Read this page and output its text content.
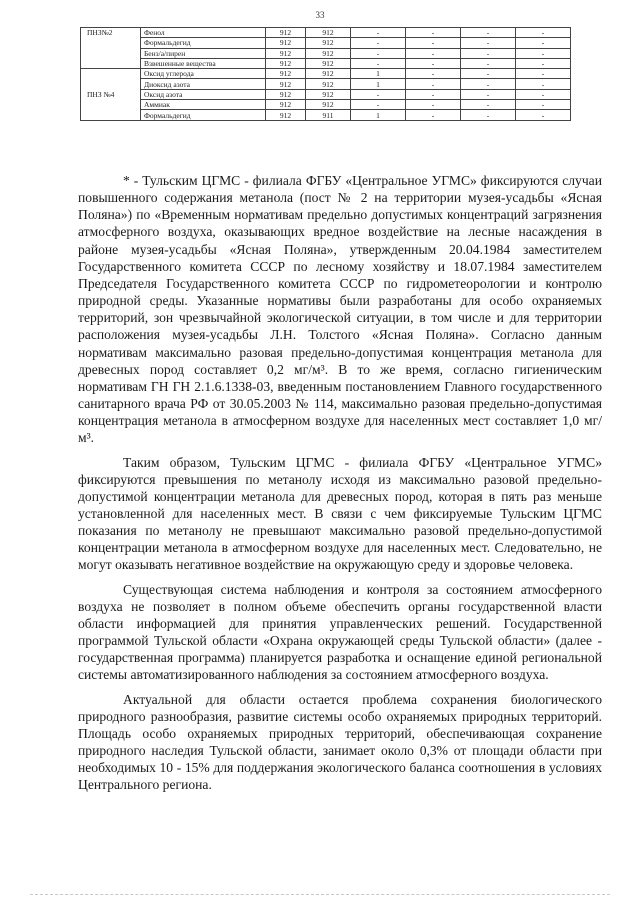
33
ПНЗ№2	Фенол	912	912	-	-	-	-
	Формальдегид	912	912	-	-	-	-
	Бенз/а/пирен	912	912	-	-	-	-
	Взвешенные вещества	912	912	-	-	-	-
ПНЗ №4	Оксид углерода	912	912	1	-	-	-
	Диоксид азота	912	912	1	-	-	-
	Оксид азота	912	912	-	-	-	-
	Аммиак	912	912	-	-	-	-
	Формальдегид	912	911	1	-	-	-

* - Тульским ЦГМС - филиала ФГБУ «Центральное УГМС» фиксируются случаи повышенного содержания метанола (пост № 2 на территории музея-усадьбы «Ясная Поляна») по «Временным нормативам предельно допустимых концентраций загрязнения атмосферного воздуха, оказывающих вредное воздействие на лесные насаждения в районе музея-усадьбы «Ясная Поляна», утвержденным 20.04.1984 заместителем Государственного комитета СССР по лесному хозяйству и 18.07.1984 заместителем Председателя Государственного комитета СССР по гидрометеорологии и контролю природной среды. Указанные нормативы были разработаны для особо охраняемых территорий, зон чрезвычайной экологической ситуации, в том числе и для территории расположения музея-усадьбы Л.Н. Толстого «Ясная Поляна». Согласно данным нормативам максимально разовая предельно-допустимая концентрация метанола для древесных пород составляет 0,2 мг/м³. В то же время, согласно гигиеническим нормативам ГН ГН 2.1.6.1338-03, введенным постановлением Главного государственного санитарного врача РФ от 30.05.2003 № 114, максимально разовая предельно-допустимая концентрация метанола в атмосферном воздухе для населенных мест составляет 1,0 мг/м³.

Таким образом, Тульским ЦГМС - филиала ФГБУ «Центральное УГМС» фиксируются превышения по метанолу исходя из максимально разовой предельно-допустимой концентрации метанола для древесных пород, которая в пять раз меньше установленной для населенных мест. В связи с чем фиксируемые Тульским ЦГМС показания по метанолу не превышают максимально разовой предельно-допустимой концентрации метанола в атмосферном воздухе для населенных мест. Следовательно, не могут оказывать негативное воздействие на окружающую среду и здоровье человека.

Существующая система наблюдения и контроля за состоянием атмосферного воздуха не позволяет в полном объеме обеспечить органы государственной власти области информацией для принятия управленческих решений. Государственной программой Тульской области «Охрана окружающей среды Тульской области» (далее - государственная программа) планируется разработка и оснащение единой региональной системы автоматизированного наблюдения за состоянием атмосферного воздуха.

Актуальной для области остается проблема сохранения биологического природного разнообразия, развитие системы особо охраняемых природных территорий. Площадь особо охраняемых природных территорий, обеспечивающая сохранение природного наследия Тульской области, занимает около 0,3% от площади области при необходимых 10 - 15% для поддержания экологического баланса соотношения в условиях Центрального региона.
